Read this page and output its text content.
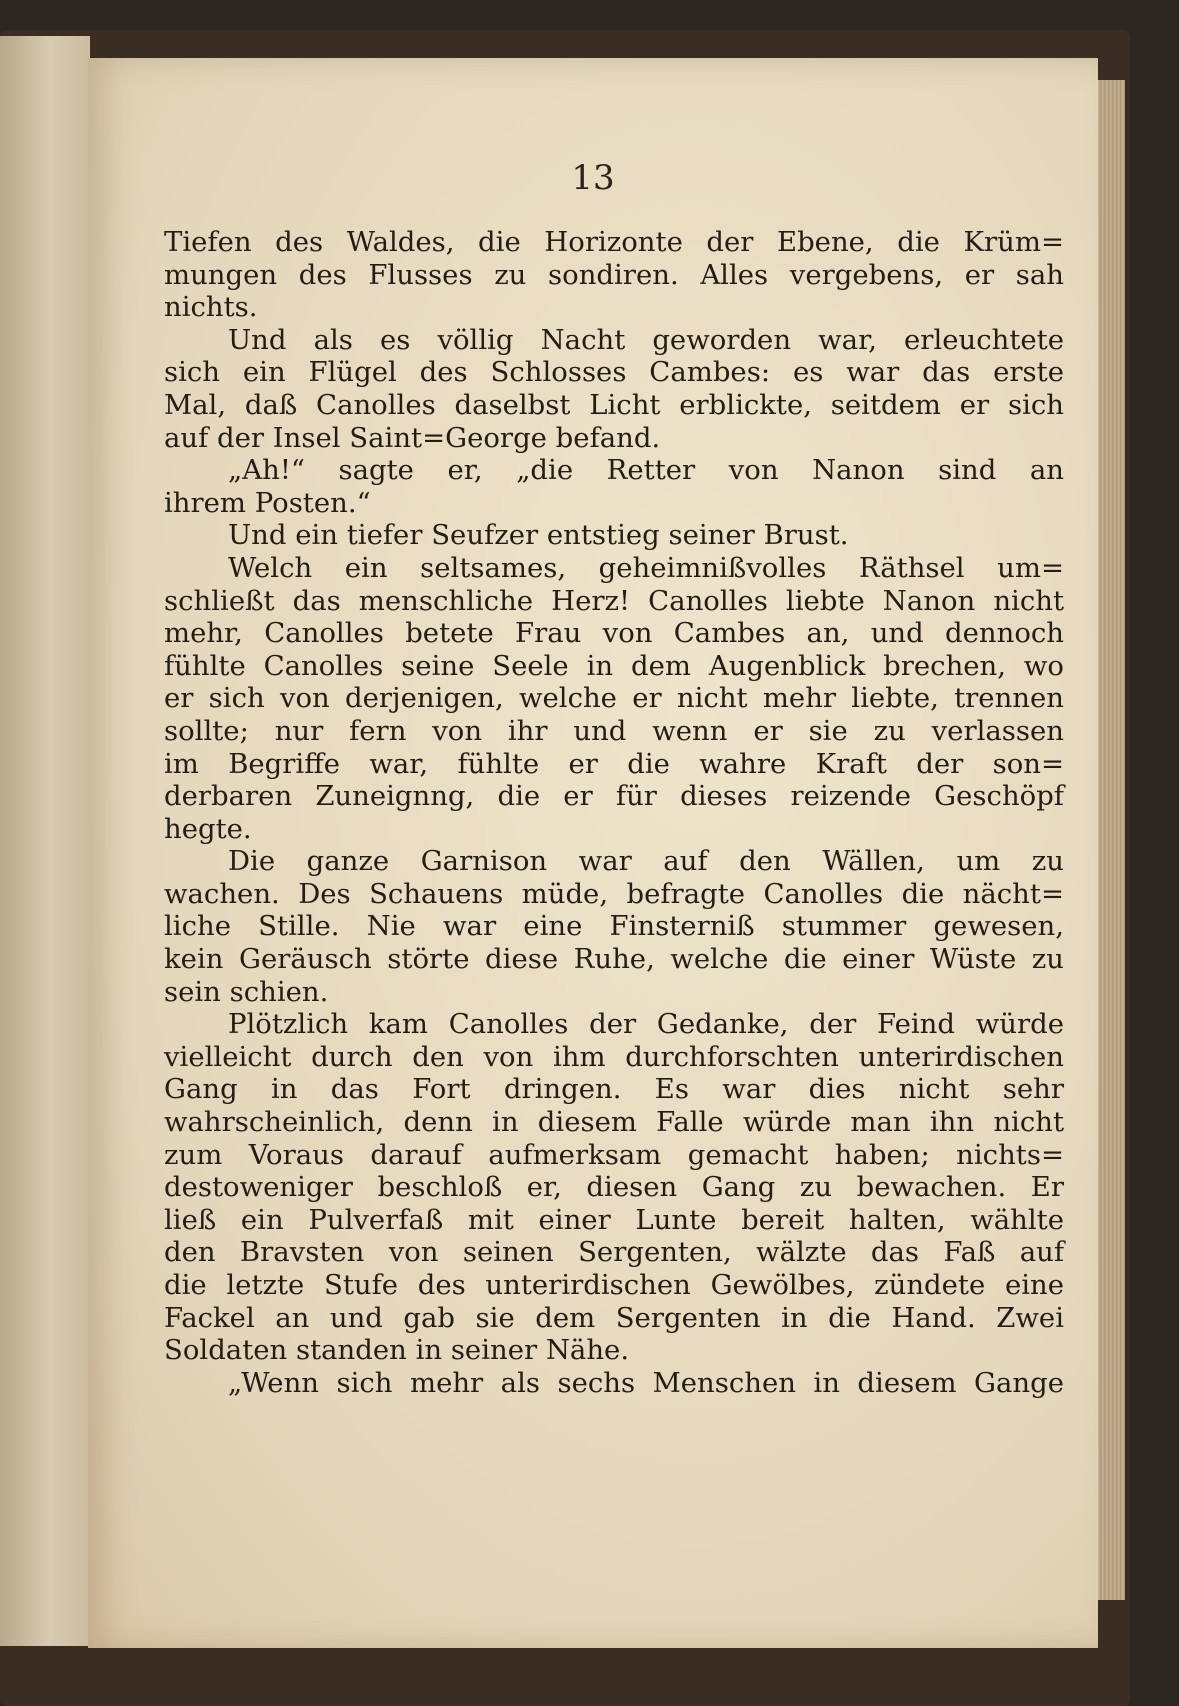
13
Tiefen des Waldes, die Horizonte der Ebene, die Krüm=
mungen des Flusses zu sondiren. Alles vergebens, er sah
nichts.
Und als es völlig Nacht geworden war, erleuchtete
sich ein Flügel des Schlosses Cambes: es war das erste
Mal, daß Canolles daselbst Licht erblickte, seitdem er sich
auf der Insel Saint=George befand.
„Ah!“ sagte er, „die Retter von Nanon sind an
ihrem Posten.“
Und ein tiefer Seufzer entstieg seiner Brust.
Welch ein seltsames, geheimnißvolles Räthsel um=
schließt das menschliche Herz! Canolles liebte Nanon nicht
mehr, Canolles betete Frau von Cambes an, und dennoch
fühlte Canolles seine Seele in dem Augenblick brechen, wo
er sich von derjenigen, welche er nicht mehr liebte, trennen
sollte; nur fern von ihr und wenn er sie zu verlassen
im Begriffe war, fühlte er die wahre Kraft der son=
derbaren Zuneignng, die er für dieses reizende Geschöpf
hegte.
Die ganze Garnison war auf den Wällen, um zu
wachen. Des Schauens müde, befragte Canolles die nächt=
liche Stille. Nie war eine Finsterniß stummer gewesen,
kein Geräusch störte diese Ruhe, welche die einer Wüste zu
sein schien.
Plötzlich kam Canolles der Gedanke, der Feind würde
vielleicht durch den von ihm durchforschten unterirdischen
Gang in das Fort dringen. Es war dies nicht sehr
wahrscheinlich, denn in diesem Falle würde man ihn nicht
zum Voraus darauf aufmerksam gemacht haben; nichts=
destoweniger beschloß er, diesen Gang zu bewachen. Er
ließ ein Pulverfaß mit einer Lunte bereit halten, wählte
den Bravsten von seinen Sergenten, wälzte das Faß auf
die letzte Stufe des unterirdischen Gewölbes, zündete eine
Fackel an und gab sie dem Sergenten in die Hand. Zwei
Soldaten standen in seiner Nähe.
„Wenn sich mehr als sechs Menschen in diesem Gange
